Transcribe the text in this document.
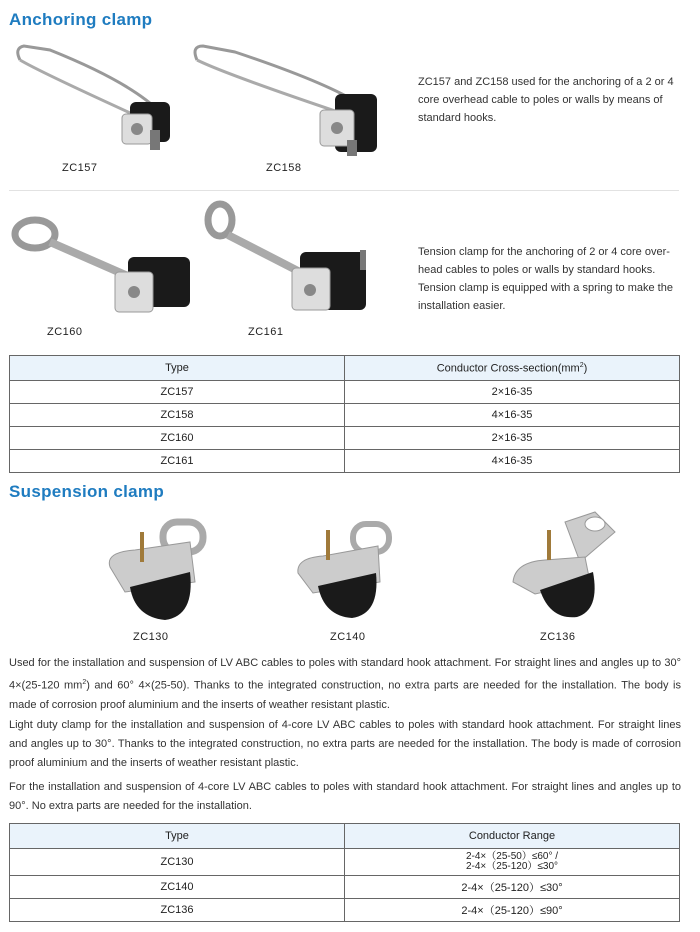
Anchoring clamp
ZC157	ZC158
ZC157 and ZC158 used for the anchoring of a 2 or 4 core overhead cable to poles or walls by means of standard hooks.
ZC160	ZC161
Tension clamp for the anchoring of 2 or 4 core over-head cables to poles or walls by standard hooks. Tension clamp is equipped with a spring to make the installation easier.
Type	Conductor Cross-$section(mm^2)$
ZC157	2×16-35
ZC158	4×16-35
ZC160	2×16-35
ZC161	4×16-35
Suspension clamp
ZC130	ZC140	ZC136
Used for the installation and suspension of LV ABC cables to poles with standard hook attachment. For straight lines and angles up to 30° 4×(25-120 $mm^2$) and 60° 4×(25-50). Thanks to the integrated construction, no extra parts are needed for the installation. The body is made of corrosion proof aluminium and the inserts of weather resistant plastic.
Light duty clamp for the installation and suspension of 4-core LV ABC cables to poles with standard hook attachment. For straight lines and angles up to 30°. Thanks to the integrated construction, no extra parts are needed for the installation. The body is made of corrosion proof aluminium and the inserts of weather resistant plastic.
For the installation and suspension of 4-core LV ABC cables to poles with standard hook attachment. For straight lines and angles up to 90°. No extra parts are needed for the installation.
Type	Conductor Range
ZC130	2-4×（25-50）≤60° /
2-4×（25-120）≤30°

ZC140	2-4×（25-120）≤30°
ZC136	2-4×（25-120）≤90°
